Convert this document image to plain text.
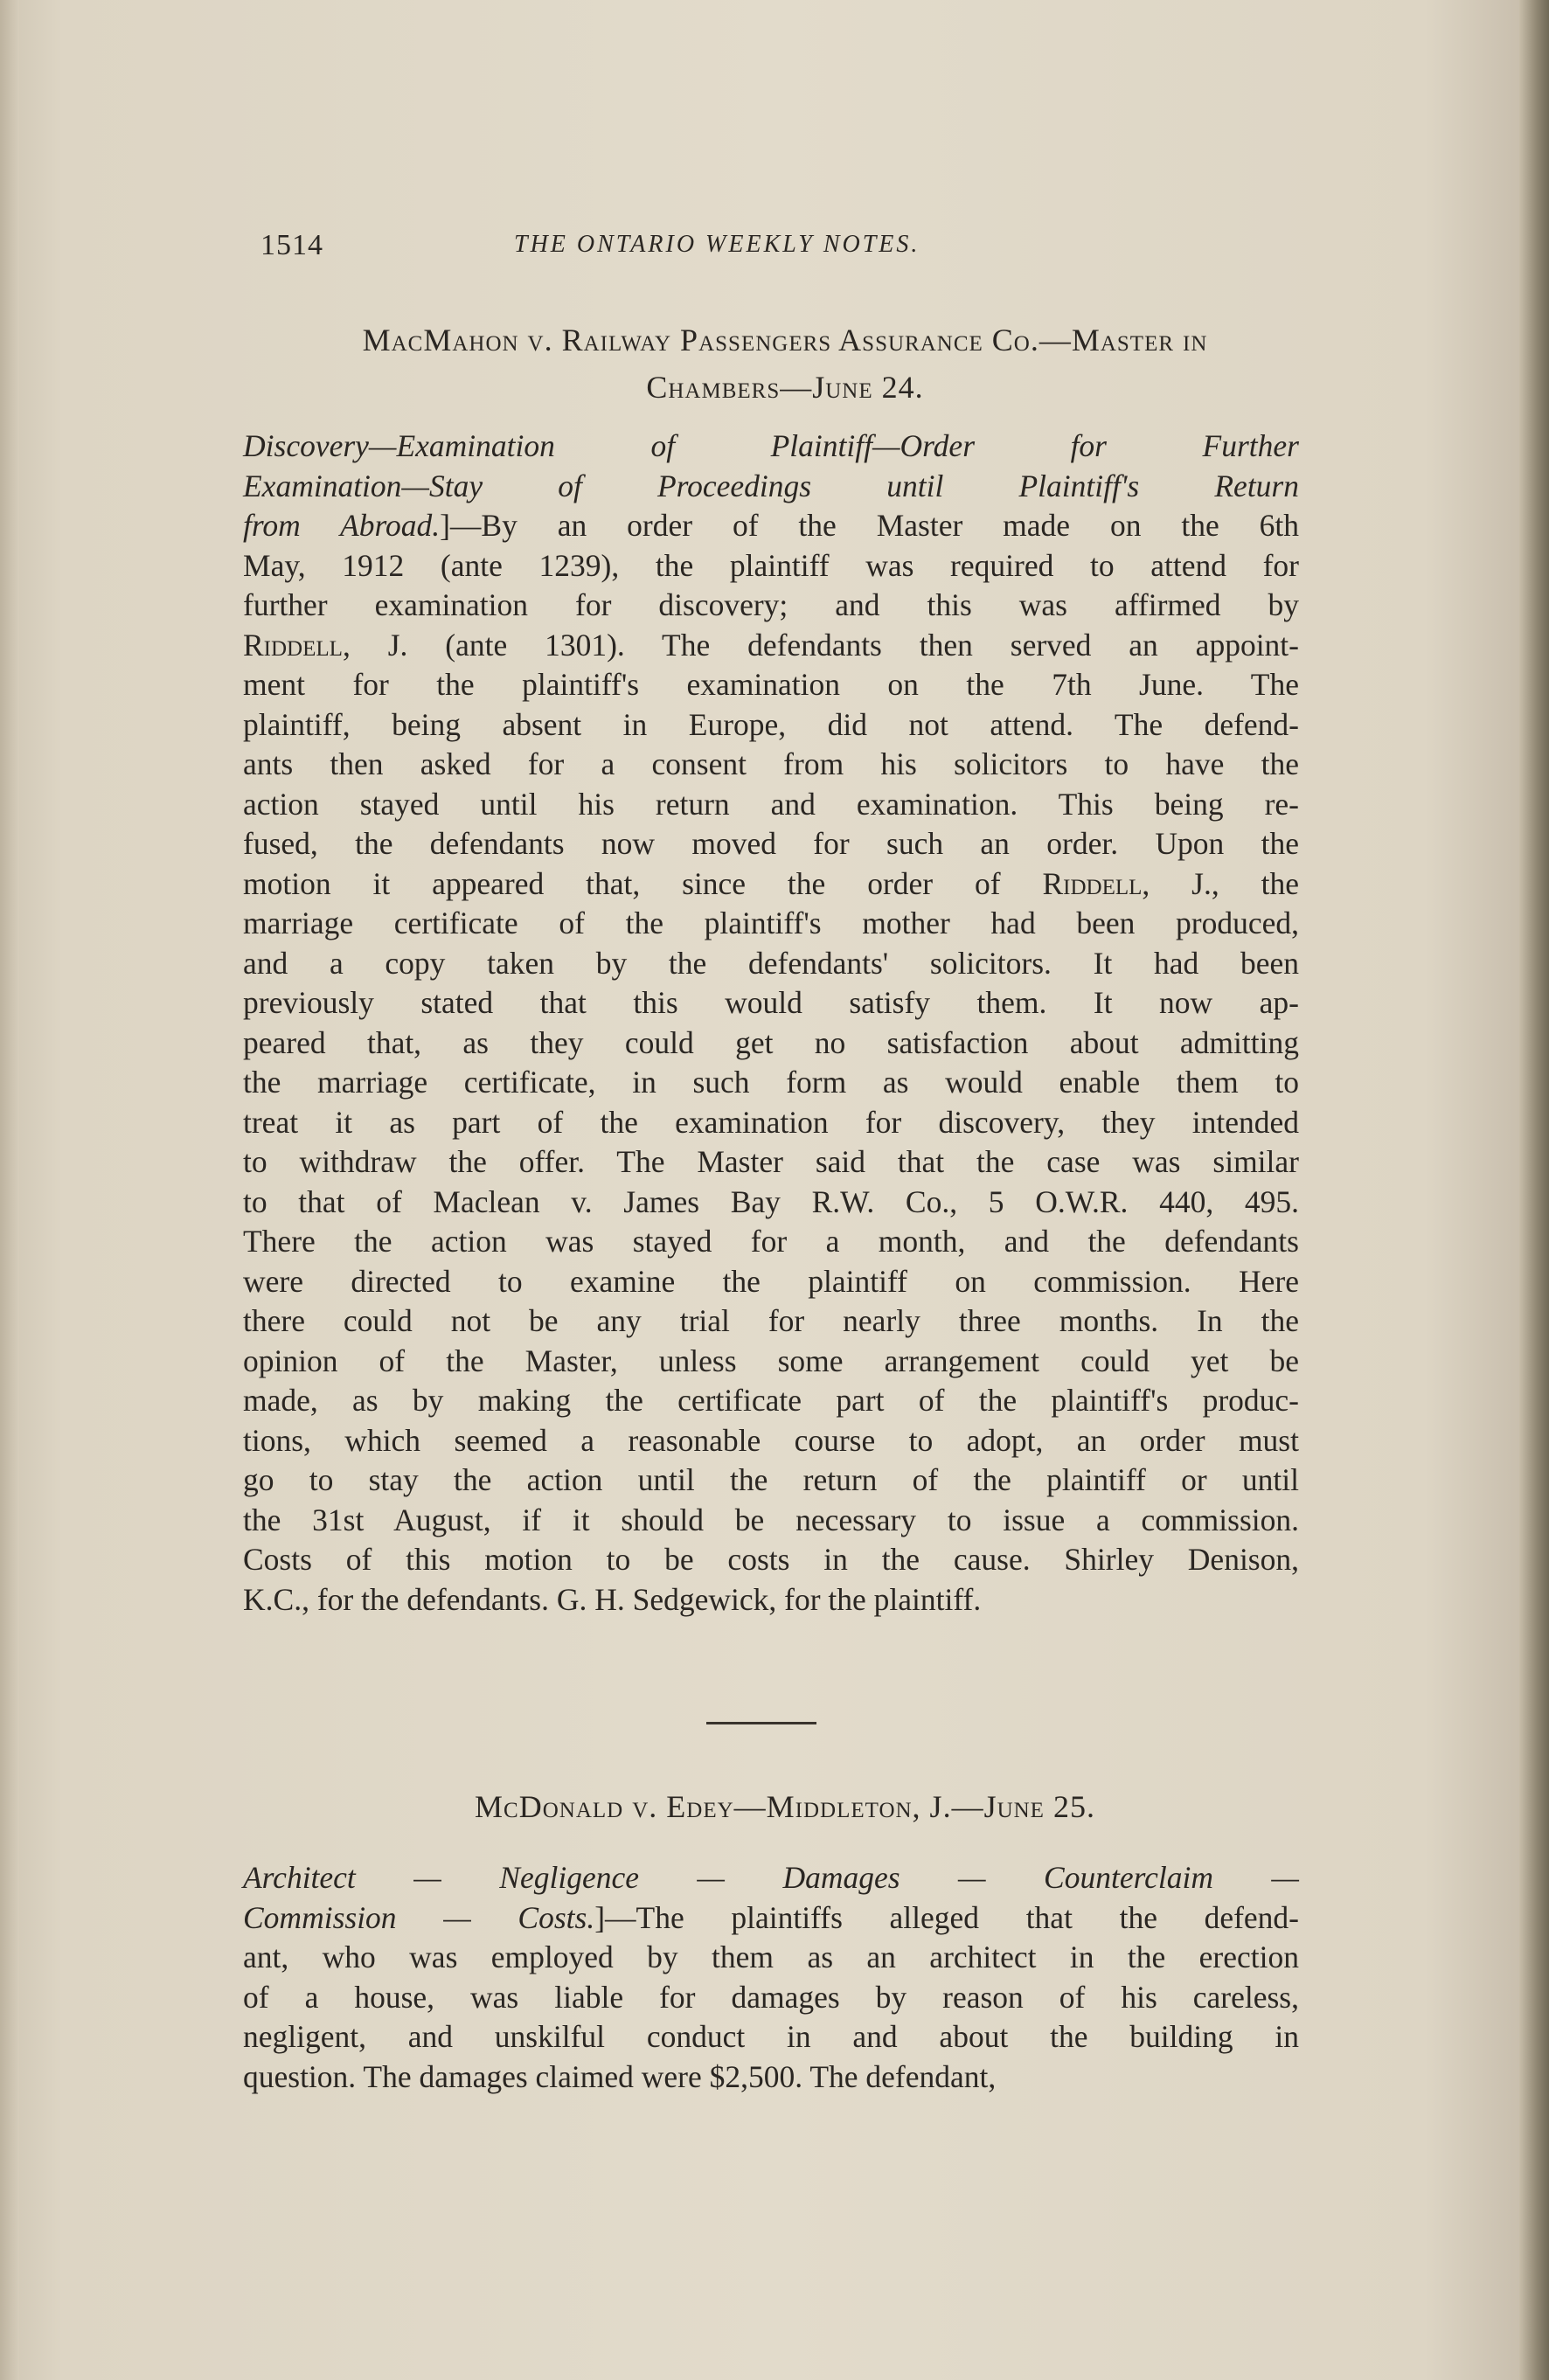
1514	THE ONTARIO WEEKLY NOTES.
MacMahon v. Railway Passengers Assurance Co.—Master in
Chambers—June 24.
Discovery—Examination of Plaintiff—Order for Further
Examination—Stay of Proceedings until Plaintiff's Return
from Abroad.]—By an order of the Master made on the 6th
May, 1912 (ante 1239), the plaintiff was required to attend for
further examination for discovery; and this was affirmed by
Riddell, J. (ante 1301). The defendants then served an appoint-
ment for the plaintiff's examination on the 7th June. The
plaintiff, being absent in Europe, did not attend. The defend-
ants then asked for a consent from his solicitors to have the
action stayed until his return and examination. This being re-
fused, the defendants now moved for such an order. Upon the
motion it appeared that, since the order of Riddell, J., the
marriage certificate of the plaintiff's mother had been produced,
and a copy taken by the defendants' solicitors. It had been
previously stated that this would satisfy them. It now ap-
peared that, as they could get no satisfaction about admitting
the marriage certificate, in such form as would enable them to
treat it as part of the examination for discovery, they intended
to withdraw the offer. The Master said that the case was similar
to that of Maclean v. James Bay R.W. Co., 5 O.W.R. 440, 495.
There the action was stayed for a month, and the defendants
were directed to examine the plaintiff on commission. Here
there could not be any trial for nearly three months. In the
opinion of the Master, unless some arrangement could yet be
made, as by making the certificate part of the plaintiff's produc-
tions, which seemed a reasonable course to adopt, an order must
go to stay the action until the return of the plaintiff or until
the 31st August, if it should be necessary to issue a commission.
Costs of this motion to be costs in the cause. Shirley Denison,
K.C., for the defendants. G. H. Sedgewick, for the plaintiff.
McDonald v. Edey—Middleton, J.—June 25.
Architect — Negligence — Damages — Counterclaim —
Commission — Costs.]—The plaintiffs alleged that the defend-
ant, who was employed by them as an architect in the erection
of a house, was liable for damages by reason of his careless,
negligent, and unskilful conduct in and about the building in
question. The damages claimed were $2,500. The defendant,
